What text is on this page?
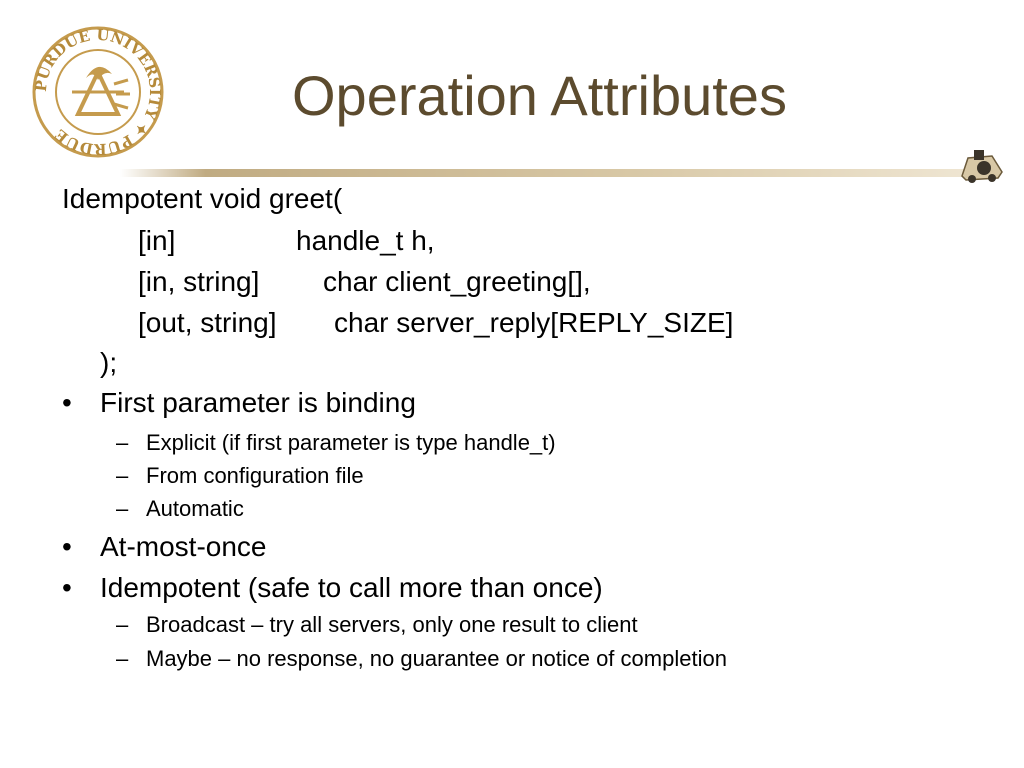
PURDUE UNIVERSITY ✦ PURDUE
Operation Attributes
Idempotent void greet(
[in]	handle_t h,
[in, string] char client_greeting[],
[out, string] char server_reply[REPLY_SIZE]
);
• First parameter is binding
– Explicit (if first parameter is type handle_t)
– From configuration file
– Automatic
• At-most-once
• Idempotent (safe to call more than once)
– Broadcast – try all servers, only one result to client
– Maybe – no response, no guarantee or notice of completion
